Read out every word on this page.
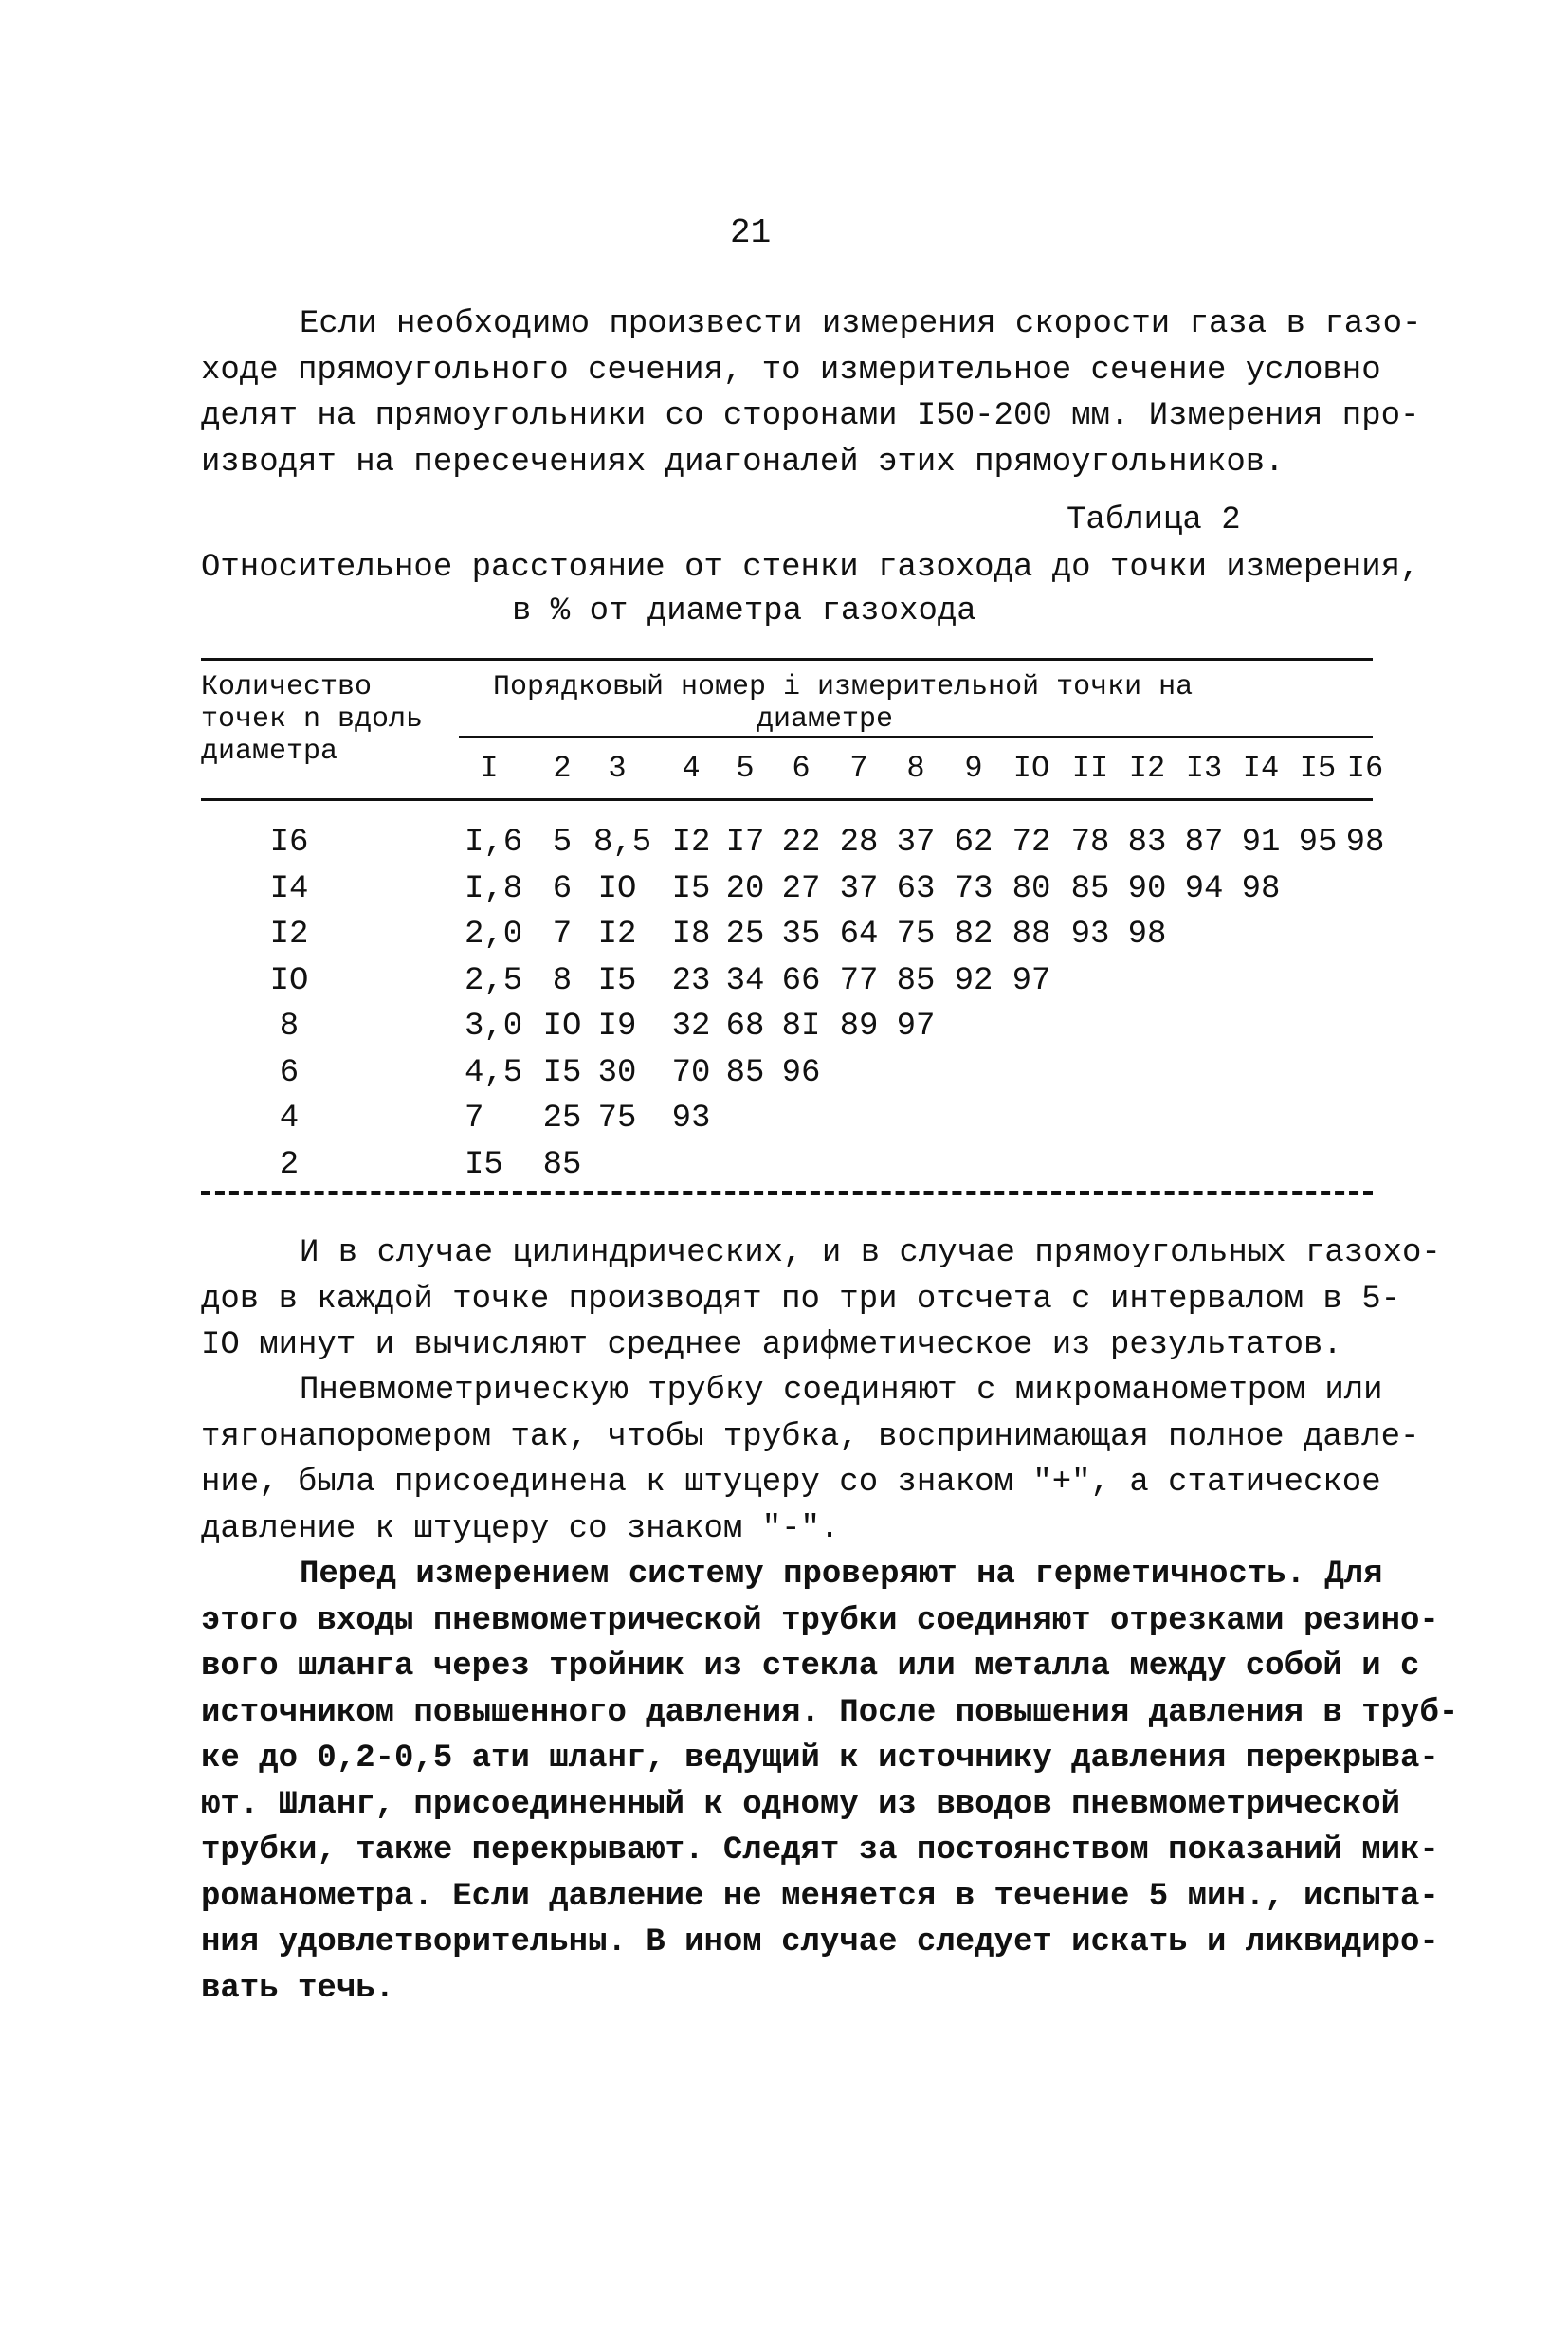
21
Если необходимо произвести измерения скорости газа в газо-
ходе прямоугольного сечения, то измерительное сечение условно
делят на прямоугольники со сторонами I50-200 мм. Измерения про-
изводят на пересечениях диагоналей этих прямоугольников.
Таблица 2
Относительное расстояние от стенки газохода до точки измерения,
в % от диаметра газохода
Количество
точек n вдоль
диаметра
Порядковый номер i измерительной точки на
диаметре
I	2	3	4	5	6	7	8	9	IO II I2 I3 I4 I5 I6
I6	I,6 5 8,5 I2 I7 22 28 37 62 72 78 83 87 91 95 98
I4	I,8 6 IO I5 20 27 37 63 73 80 85 90 94 98
I2	2,0 7 I2 I8 25 35 64 75 82 88 93 98
IO	2,5 8 I5 23 34 66 77 85 92 97
8	3,0 IO I9 32 68 8I 89 97
6	4,5 I5 30 70 85 96
4	7	25 75 93
2	I5	85
И в случае цилиндрических, и в случае прямоугольных газохо-
дов в каждой точке производят по три отсчета с интервалом в 5-
IO минут и вычисляют среднее арифметическое из результатов.
Пневмометрическую трубку соединяют с микроманометром или
тягонапоромером так, чтобы трубка, воспринимающая полное давле-
ние, была присоединена к штуцеру со знаком "+", а статическое
давление к штуцеру со знаком "-".
Перед измерением систему проверяют на герметичность. Для
этого входы пневмометрической трубки соединяют отрезками резино-
вого шланга через тройник из стекла или металла между собой и с
источником повышенного давления. После повышения давления в труб-
ке до 0,2-0,5 ати шланг, ведущий к источнику давления перекрыва-
ют. Шланг, присоединенный к одному из вводов пневмометрической
трубки, также перекрывают. Следят за постоянством показаний мик-
романометра. Если давление не меняется в течение 5 мин., испыта-
ния удовлетворительны. В ином случае следует искать и ликвидиро-
вать течь.
